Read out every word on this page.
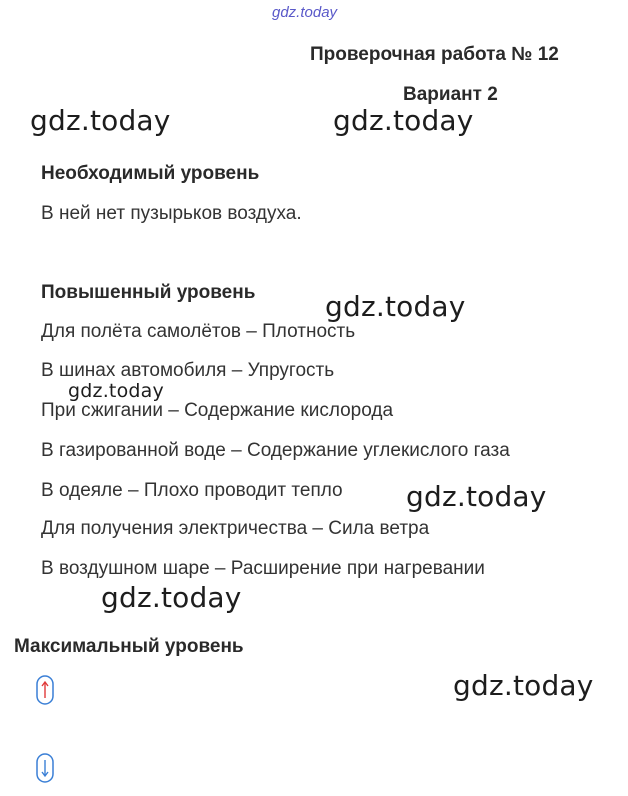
gdz.today
Проверочная работа № 12
Вариант 2
gdz.today	gdz.today
Необходимый уровень
В ней нет пузырьков воздуха.
Повышенный уровень gdz.today
Для полёта самолётов – Плотность
В шинах автомобиля – Упругость
gdz.today
При сжигании – Содержание кислорода
В газированной воде – Содержание углекислого газа
В одеяле – Плохо проводит тепло gdz.today
Для получения электричества – Сила ветра
В воздушном шаре – Расширение при нагревании
gdz.today
Максимальный уровень
gdz.today
